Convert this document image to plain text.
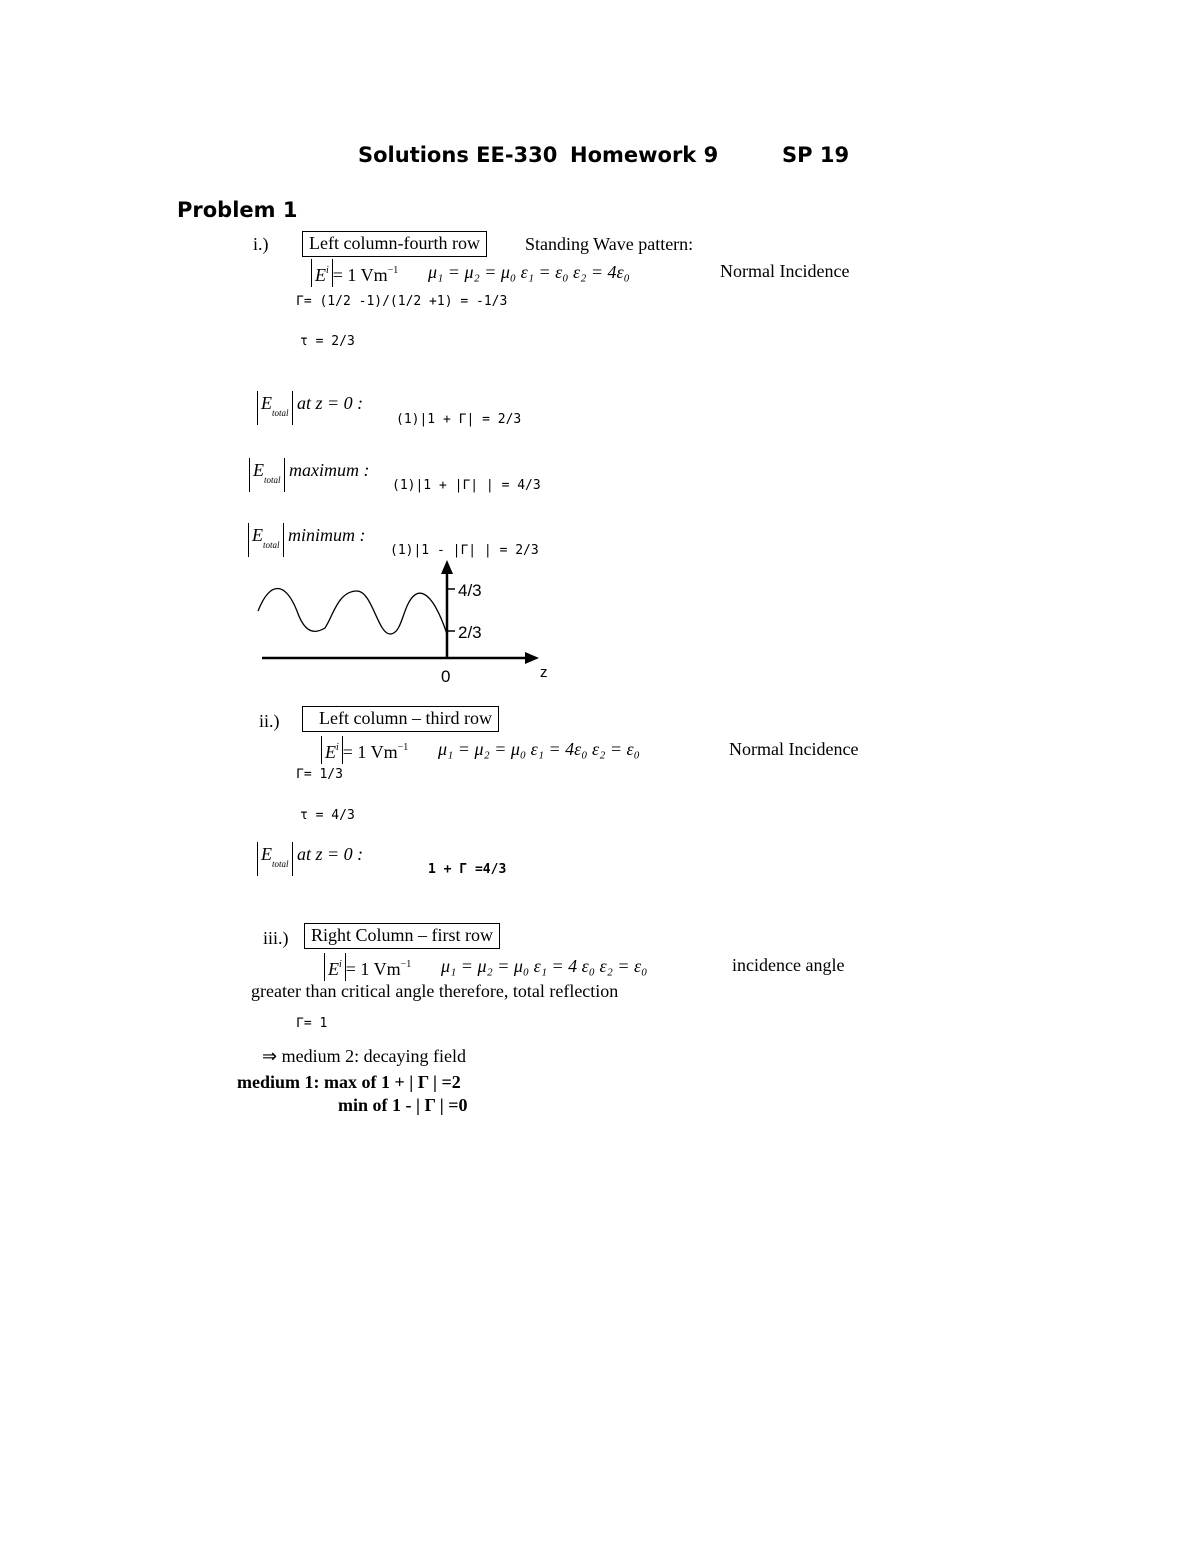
Solutions EE-330 Homework 9	SP 19
Problem 1
i.)	Left column-fourth row	Standing Wave pattern:
$E^i = 1$ $Vm^{-1}$ μ₁ = μ₂ = μ₀ ε₁ = ε₀ ε₂ = 4ε₀	Normal Incidence
Γ= (1/2 -1)/(1/2 +1) = -1/3
τ = 2/3
$E_{total}$ at z = 0 :
(1)|1 + Γ| = 2/3
$E_{total}$ maximum :
(1)|1 + |Γ| | = 4/3
$E_{total}$ minimum :
(1)|1 - |Γ| | = 2/3
4/3
2/3
0	z
ii.)	Left column – third row
$E^i = 1$ $Vm^{-1}$ μ₁ = μ₂ = μ₀ ε₁ = 4ε₀ ε₂ = ε₀	Normal Incidence
Γ= 1/3
τ = 4/3
$E_{total}$ at z = 0 :
1 + Γ =4/3
iii.)	Right Column – first row
$E^i = 1$ $Vm^{-1}$ μ₁ = μ₂ = μ₀ ε₁ = 4 ε₀ ε₂ = ε₀	incidence angle
greater than critical angle therefore, total reflection
Γ= 1
⇒ medium 2: decaying field
medium 1: max of 1 + | Γ | =2
min of 1 - | Γ | =0
